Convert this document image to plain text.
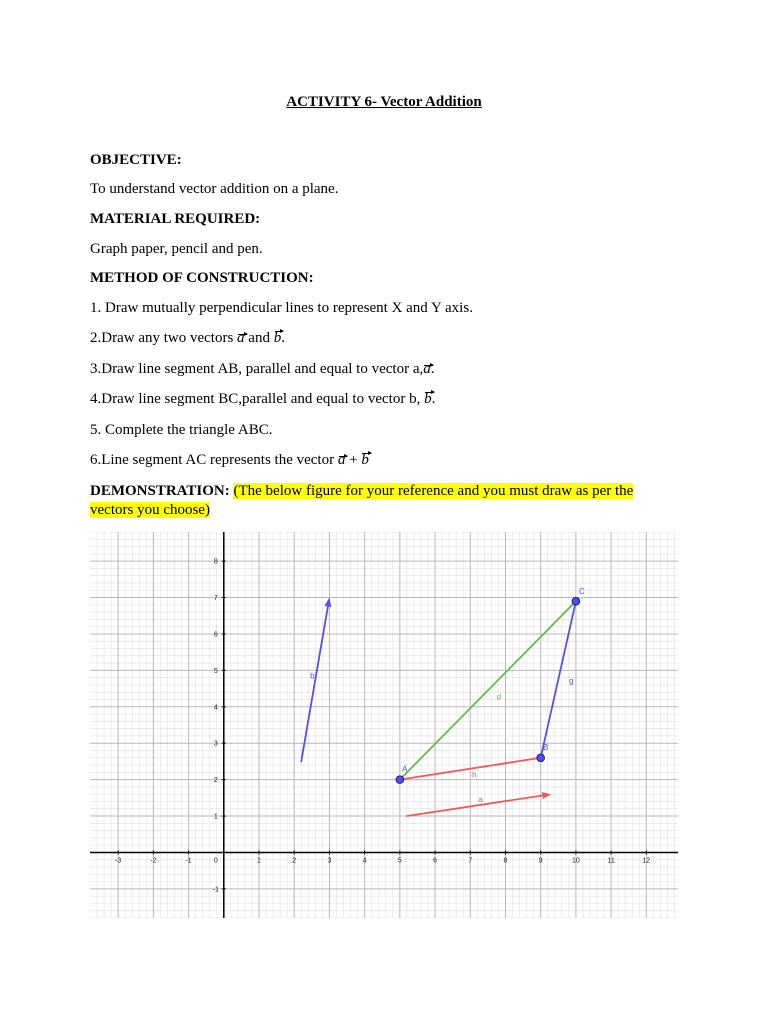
ACTIVITY 6- Vector Addition
OBJECTIVE:
To understand vector addition on a plane.
MATERIAL REQUIRED:
Graph paper, pencil and pen.
METHOD OF CONSTRUCTION:
1. Draw mutually perpendicular lines to represent X and Y axis.
2.Draw any two vectors a and b.
3.Draw line segment AB, parallel and equal to vector a,a.
4.Draw line segment BC,parallel and equal to vector b, b.
5. Complete the triangle ABC.
6.Line segment AC represents the vector a + b
DEMONSTRATION: (The below figure for your reference and you must draw as per the vectors you choose)
-3	-2	-1	0	1	2	3	4	5	6	7	8	9	10	11	12
-1
1
2
3
4
5
6
7
8
d
h
g
a
b
A
B
C
